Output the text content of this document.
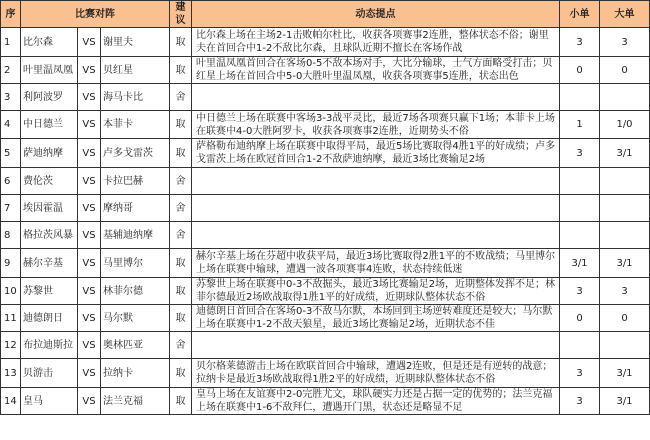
序	比赛对阵			建议	动态提点	小单	大单
1	比尔森	VS	谢里夫	取	比尔森上场在主场2-1击败帕尔杜比，收获各项赛事2连胜，整体状态不俗；谢里夫在首回合中1-2不敌比尔森，且球队近期不擅长在客场作战	3	3
2	叶里温凤凰	VS	贝红星	取	叶里温凤凰首回合在客场0-5不敌本场对手，大比分输球，士气方面略受打击；贝红星上场在首回合中5-0大胜叶里温凤凰，收获各项赛事5连胜，状态出色	0	0
3	利阿波罗	VS	海马卡比	舍			
4	中日德兰	VS	本菲卡	取	中日德兰上场在联赛中客场3-3战平灵比，最近7场各项赛只赢下1场；本菲卡上场在联赛中4-0大胜阿罗卡，收获各项赛事2连胜，近期势头不俗	1	1/0
5	萨迪纳摩	VS	卢多戈雷茨	取	萨格勒布迪纳摩上场在联赛中取得平局，最近5场比赛取得4胜1平的好成绩；卢多戈雷茨上场在欧冠首回合1-2不敌萨迪纳摩，最近3场比赛输足2场	3	3/1
6	费伦茨	VS	卡拉巴赫	舍			
7	埃因霍温	VS	摩纳哥	舍			
8	格拉茨风暴	VS	基辅迪纳摩	舍			
9	赫尔辛基	VS	马里博尔	取	赫尔辛基上场在芬超中收获平局，最近3场比赛取得2胜1平的不败战绩；马里博尔上场在联赛中输球，遭遇一波各项赛事4连败，状态持续低迷	3/1	3/1
10	苏黎世	VS	林菲尔德	取	苏黎世上场在联赛中0-3不敌掘头，最近3场比赛输足2场，近期整体发挥不足；林菲尔德最近2场欧战取得1胜1平的好成绩，近期球队整体状态不俗	3	3
11	迪德朗日	VS	马尔默	取	迪德朗日首回合在客场0-3不敌马尔默，本场回到主场逆转难度还是较大；马尔默上场在联赛中1-2不敌天狼星，最近3场比赛输足2场，近期状态不佳	0	0
12	布拉迪斯拉	VS	奥林匹亚	舍			
13	贝游击	VS	拉纳卡	取	贝尔格莱德游击上场在欧联首回合中输球，遭遇2连败，但是还是有逆转的战意；拉纳卡是最近3场欧战取得1胜2平的好成绩，近期球队整体状态不俗	3	3/1
14	皇马	VS	法兰克福	取	皇马上场在友谊赛中2-0完胜尤文，球队硬实力还是占据一定的优势的；法兰克福上场在联赛中1-6不敌拜仁，遭遇开门黑，状态还是略显不足	3	3/1
